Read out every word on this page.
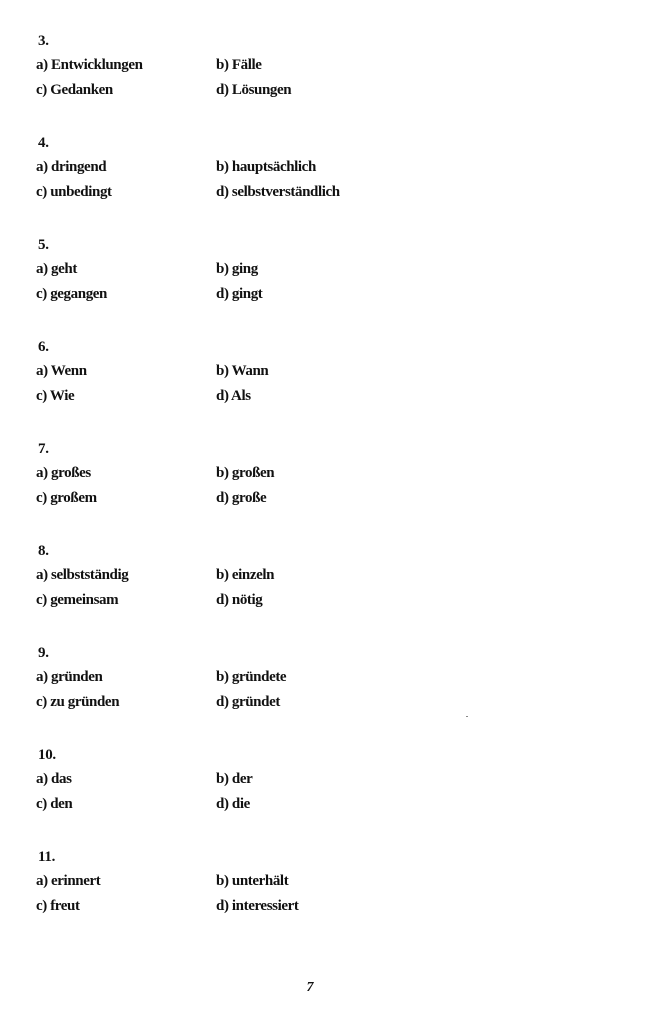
3.
a) Entwicklungen	b) Fälle
c) Gedanken	d) Lösungen
4.
a) dringend	b) hauptsächlich
c) unbedingt	d) selbstverständlich
5.
a) geht	b) ging
c) gegangen	d) gingt
6.
a) Wenn	b) Wann
c) Wie	d) Als
7.
a) großes	b) großen
c) großem	d) große
8.
a) selbstständig	b) einzeln
c) gemeinsam	d) nötig
9.
a) gründen	b) gründete
c) zu gründen	d) gründet
10.
a) das	b) der
c) den	d) die
11.
a) erinnert	b) unterhält
c) freut	d) interessiert
7
